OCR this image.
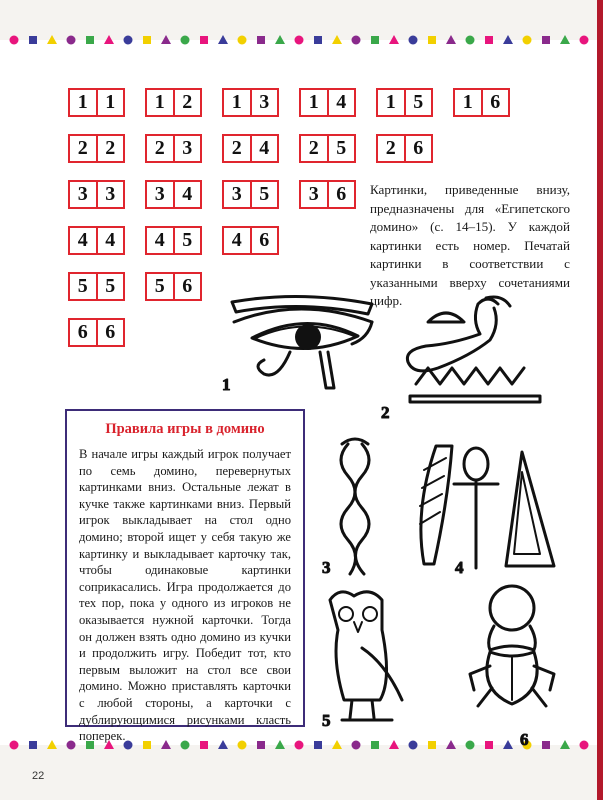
1 1	1 2	1 3	1 4	1 5	1 6
2 2	2 3	2 4	2 5	2 6
3 3	3 4	3 5	3 6
4 4	4 5	4 6
5 5	5 6
6 6
Картинки, приведенные внизу, предназначены для «Египетского домино» (с. 14–15). У каждой картинки есть номер. Печатай картинки в соответствии с указанными вверху сочетаниями цифр.
Правила игры в домино

В начале игры каждый игрок получает по семь домино, перевернутых картинками вниз. Остальные лежат в кучке также картинками вниз. Первый игрок выкладывает на стол одно домино; второй ищет у себя такую же картинку и выкладывает карточку так, чтобы одинаковые картинки соприкасались. Игра продолжается до тех пор, пока у одного из игроков не оказывается нужной карточки. Тогда он должен взять одно домино из кучки и продолжить игру. Победит тот, кто первым выложит на стол все свои домино. Можно приставлять карточки с любой стороны, а карточки с дублирующимися рисунками класть поперек.

1
2
3	4
5
6
22
